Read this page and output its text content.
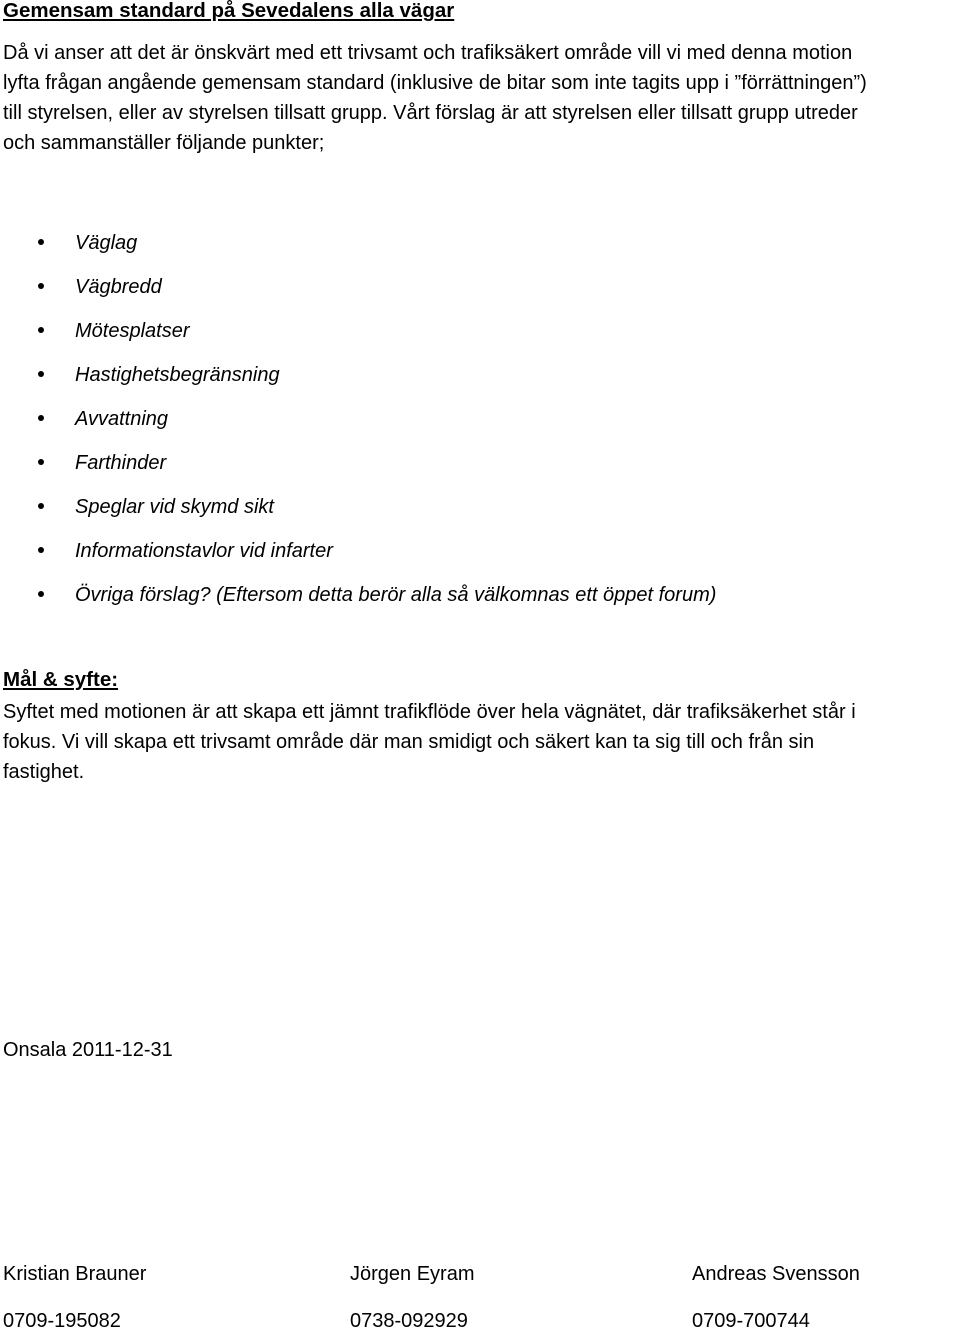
Gemensam standard på Sevedalens alla vägar
Då vi anser att det är önskvärt med ett trivsamt och trafiksäkert område vill vi med denna motion
lyfta frågan angående gemensam standard (inklusive de bitar som inte tagits upp i ”förrättningen”)
till styrelsen, eller av styrelsen tillsatt grupp. Vårt förslag är att styrelsen eller tillsatt grupp utreder
och sammanställer följande punkter;
Väglag
Vägbredd
Mötesplatser
Hastighetsbegränsning
Avvattning
Farthinder
Speglar vid skymd sikt
Informationstavlor vid infarter
Övriga förslag? (Eftersom detta berör alla så välkomnas ett öppet forum)
Mål & syfte:
Syftet med motionen är att skapa ett jämnt trafikflöde över hela vägnätet, där trafiksäkerhet står i
fokus. Vi vill skapa ett trivsamt område där man smidigt och säkert kan ta sig till och från sin
fastighet.
Onsala 2011-12-31
Kristian Brauner	Jörgen Eyram	Andreas Svensson
0709-195082	0738-092929	0709-700744
